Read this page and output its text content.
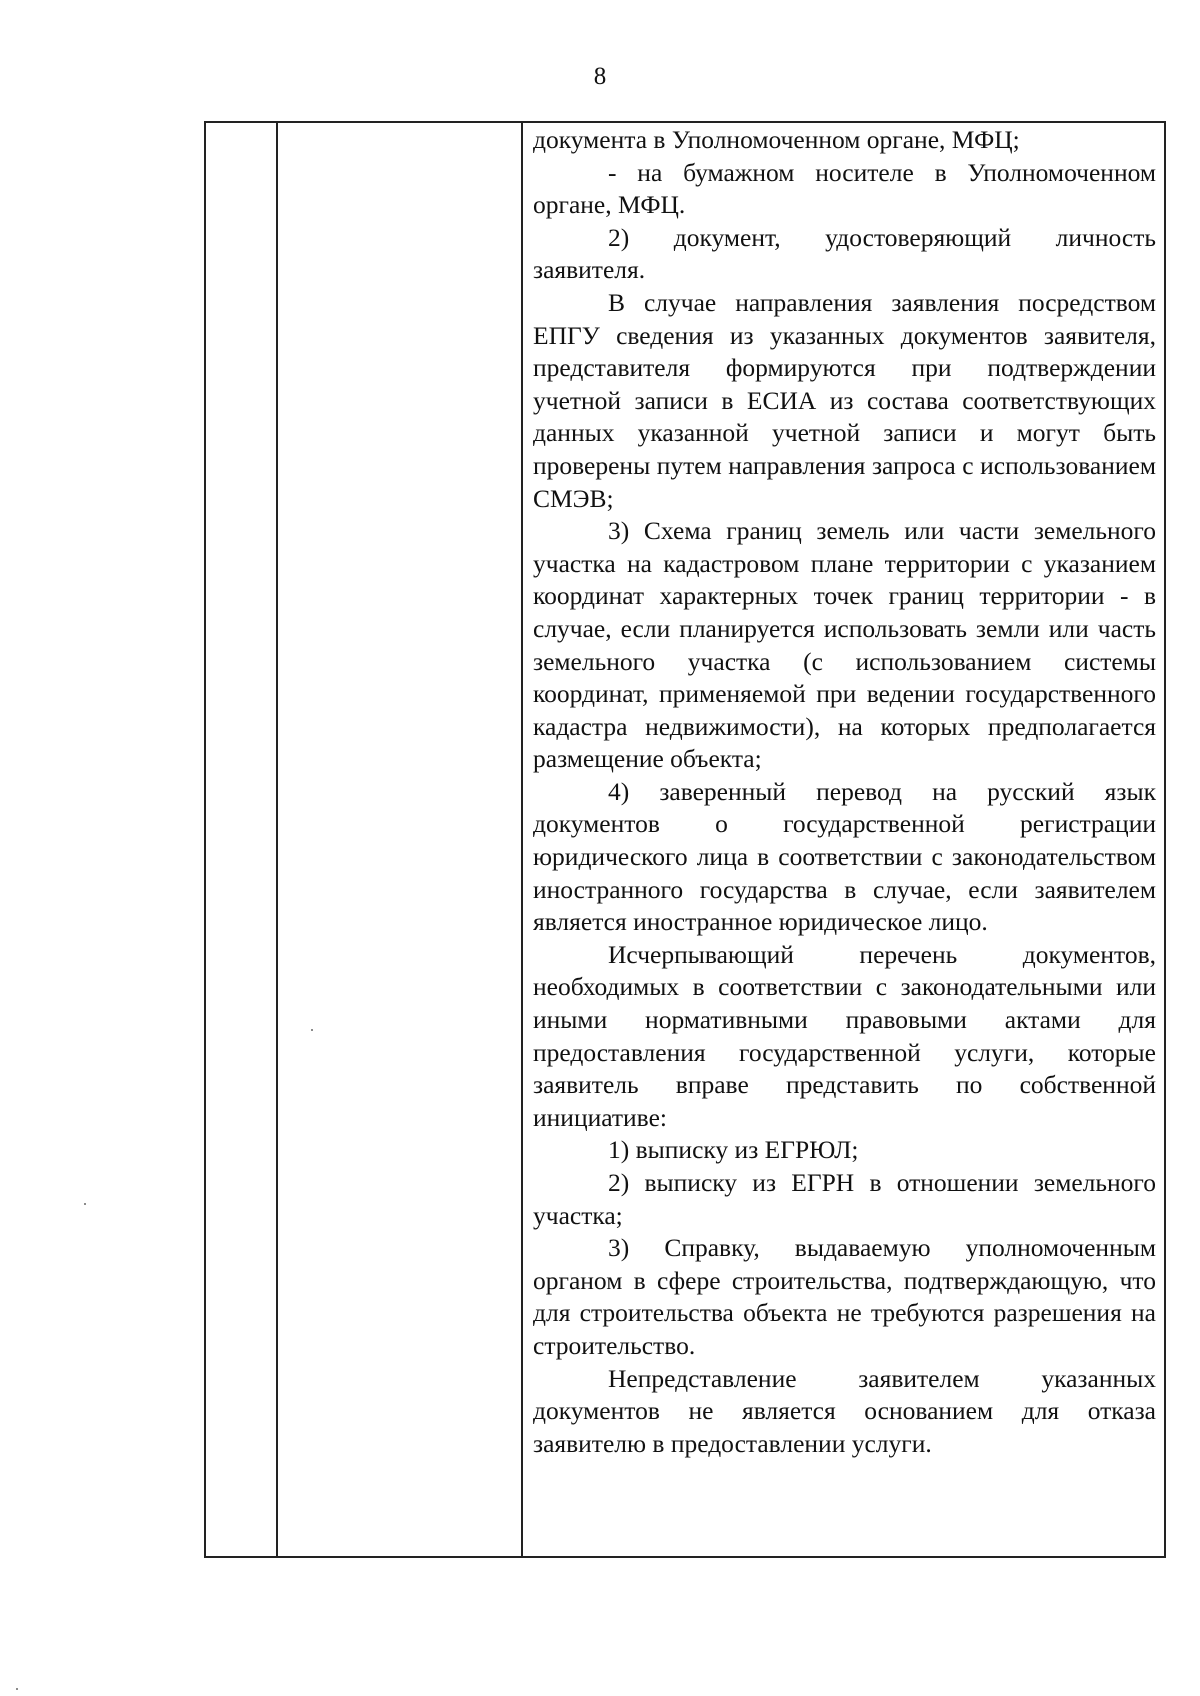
8

документа в Уполномоченном органе, МФЦ;

- на бумажном носителе в Уполномоченном органе, МФЦ.

2) документ, удостоверяющий личность заявителя.

В случае направления заявления посредством ЕПГУ сведения из указанных документов заявителя, представителя формируются при подтверждении учетной записи в ЕСИА из состава соответствующих данных указанной учетной записи и могут быть проверены путем направления запроса с использованием СМЭВ;

3) Схема границ земель или части земельного участка на кадастровом плане территории с указанием координат характерных точек границ территории - в случае, если планируется использовать земли или часть земельного участка (с использованием системы координат, применяемой при ведении государственного кадастра недвижимости), на которых предполагается размещение объекта;

4) заверенный перевод на русский язык документов о государственной регистрации юридического лица в соответствии с законодательством иностранного государства в случае, если заявителем является иностранное юридическое лицо.

Исчерпывающий перечень документов, необходимых в соответствии с законодательными или иными нормативными правовыми актами для предоставления государственной услуги, которые заявитель вправе представить по собственной инициативе:

1) выписку из ЕГРЮЛ;

2) выписку из ЕГРН в отношении земельного участка;

3) Справку, выдаваемую уполномоченным органом в сфере строительства, подтверждающую, что для строительства объекта не требуются разрешения на строительство.

Непредставление заявителем указанных документов не является основанием для отказа заявителю в предоставлении услуги.
